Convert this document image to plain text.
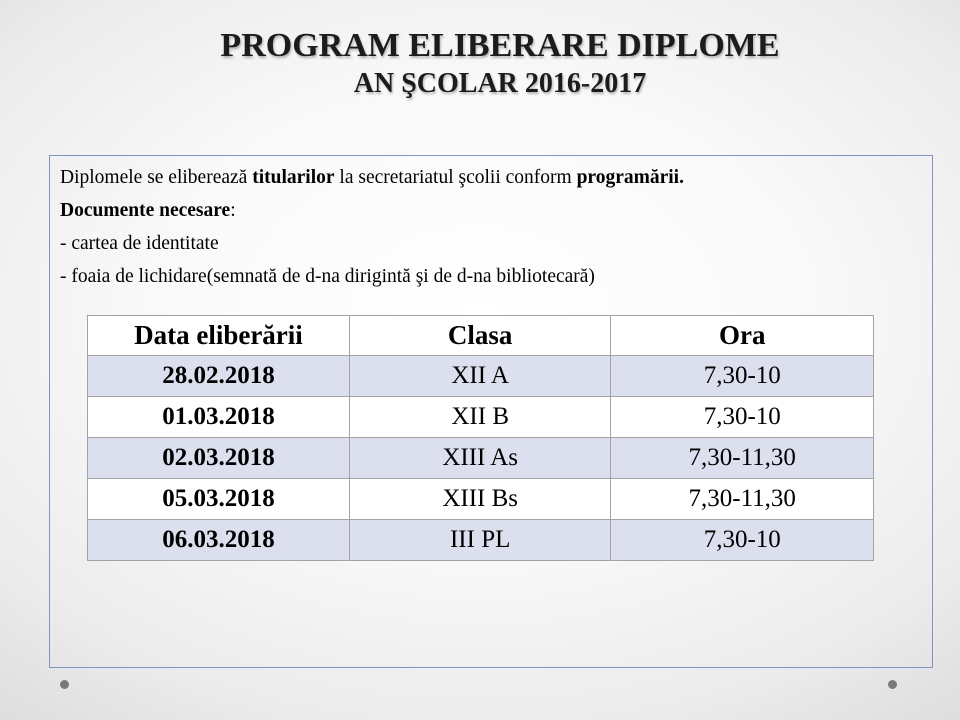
PROGRAM ELIBERARE DIPLOME
AN ŞCOLAR 2016-2017

Diplomele se eliberează titularilor la secretariatul şcolii conform programării.

Documente necesare:

- cartea de identitate

- foaia de lichidare(semnată de d-na dirigintă şi de d-na bibliotecară)

Data eliberării	Clasa	Ora
28.02.2018	XII A	7,30-10
01.03.2018	XII B	7,30-10
02.03.2018	XIII As	7,30-11,30
05.03.2018	XIII Bs	7,30-11,30
06.03.2018	III PL	7,30-10
